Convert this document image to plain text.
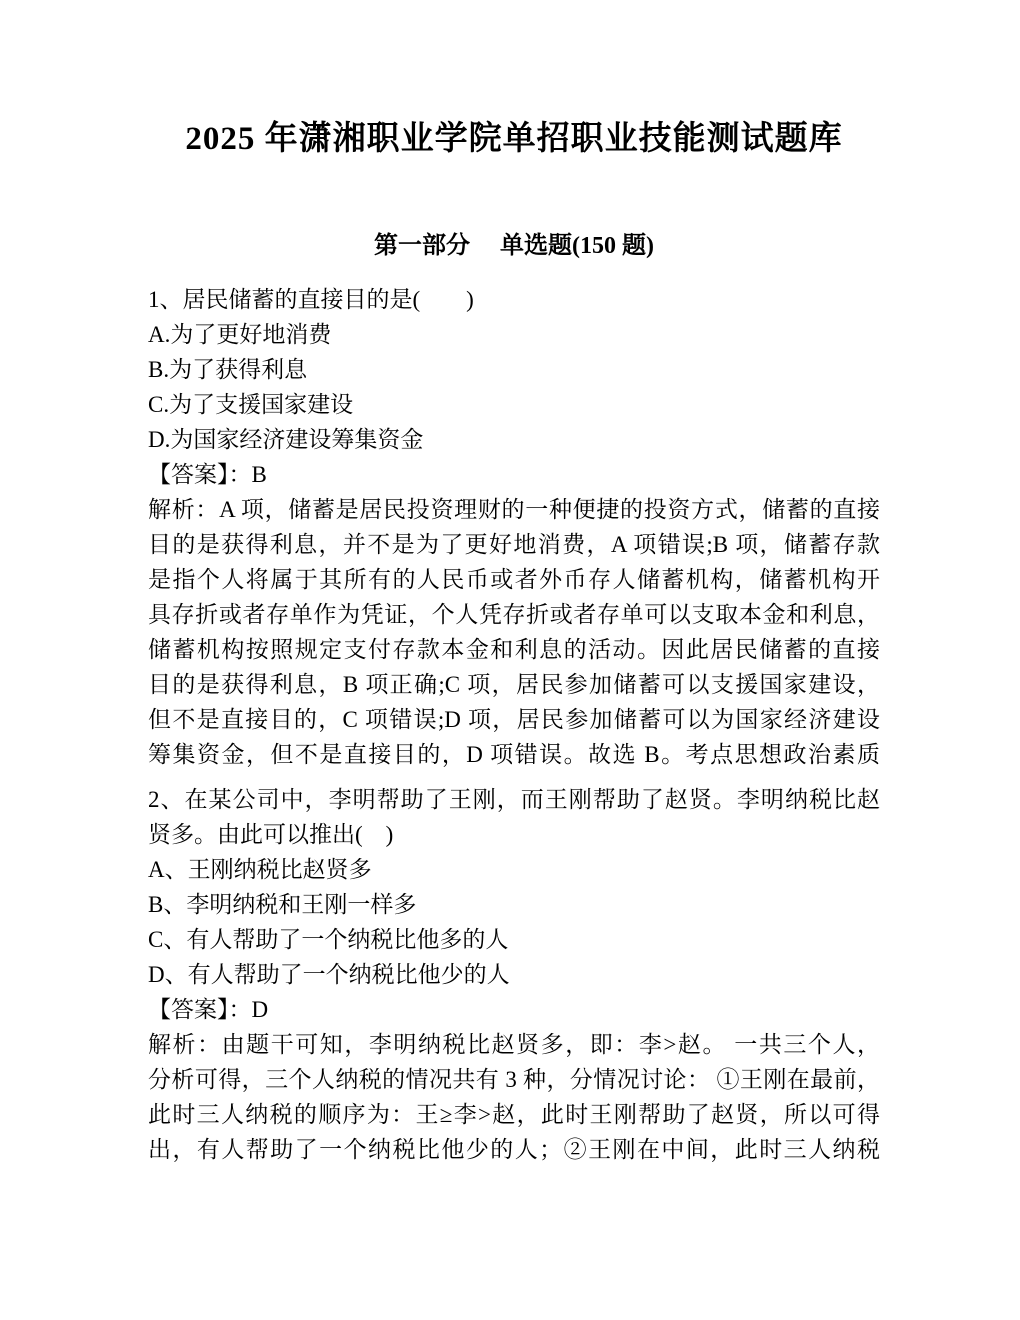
2025 年潇湘职业学院单招职业技能测试题库
第一部分　 单选题(150 题)
1、居民储蓄的直接目的是(　　)
A.为了更好地消费
B.为了获得利息
C.为了支援国家建设
D.为国家经济建设筹集资金
【答案】：B
解析：A 项，储蓄是居民投资理财的一种便捷的投资方式，储蓄的直接
目的是获得利息，并不是为了更好地消费，A 项错误;B 项，储蓄存款
是指个人将属于其所有的人民币或者外币存人储蓄机构，储蓄机构开
具存折或者存单作为凭证，个人凭存折或者存单可以支取本金和利息，
储蓄机构按照规定支付存款本金和利息的活动。因此居民储蓄的直接
目的是获得利息，B 项正确;C 项，居民参加储蓄可以支援国家建设，
但不是直接目的，C 项错误;D 项，居民参加储蓄可以为国家经济建设
筹集资金，但不是直接目的，D 项错误。故选 B。考点思想政治素质
2、在某公司中，李明帮助了王刚，而王刚帮助了赵贤。李明纳税比赵
贤多。由此可以推出(　)
A、王刚纳税比赵贤多
B、李明纳税和王刚一样多
C、有人帮助了一个纳税比他多的人
D、有人帮助了一个纳税比他少的人
【答案】：D
解析：由题干可知，李明纳税比赵贤多，即：李>赵。 一共三个人，
分析可得，三个人纳税的情况共有 3 种，分情况讨论： ①王刚在最前，
此时三人纳税的顺序为：王≥李>赵，此时王刚帮助了赵贤，所以可得
出，有人帮助了一个纳税比他少的人；②王刚在中间，此时三人纳税
